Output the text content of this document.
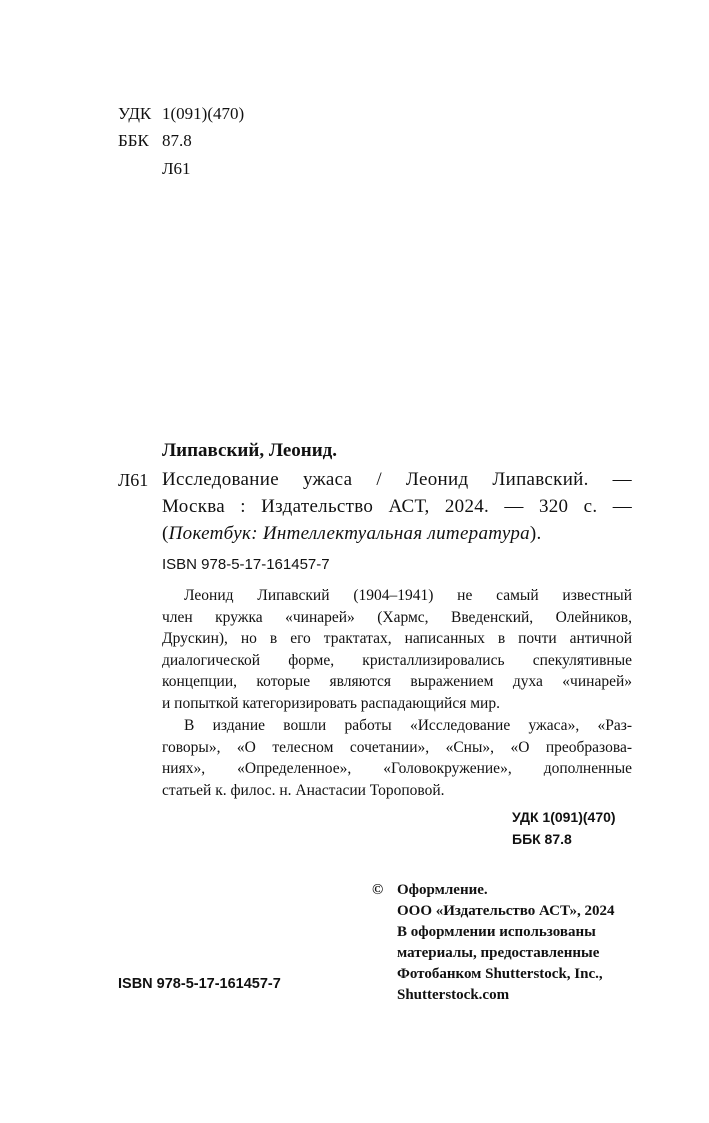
УДК 1(091)(470)
ББК 87.8
Л61
Липавский, Леонид.
Л61 Исследование ужаса / Леонид Липавский. —
Москва : Издательство АСТ, 2024. — 320 с. —
(Покетбук: Интеллектуальная литература).
ISBN 978-5-17-161457-7
Леонид Липавский (1904–1941) не самый известный
член кружка «чинарей» (Хармс, Введенский, Олейников,
Друскин), но в его трактатах, написанных в почти античной
диалогической форме, кристаллизировались спекулятивные
концепции, которые являются выражением духа «чинарей»
и попыткой категоризировать распадающийся мир.
В издание вошли работы «Исследование ужаса», «Раз-
говоры», «О телесном сочетании», «Сны», «О преобразова-
ниях», «Определенное», «Головокружение», дополненные
статьей к. филос. н. Анастасии Тороповой.
УДК 1(091)(470)
ББК 87.8
© Оформление.
ООО «Издательство АСТ», 2024
В оформлении использованы
материалы, предоставленные
Фотобанком Shutterstock, Inc.,
Shutterstock.com
ISBN 978-5-17-161457-7
